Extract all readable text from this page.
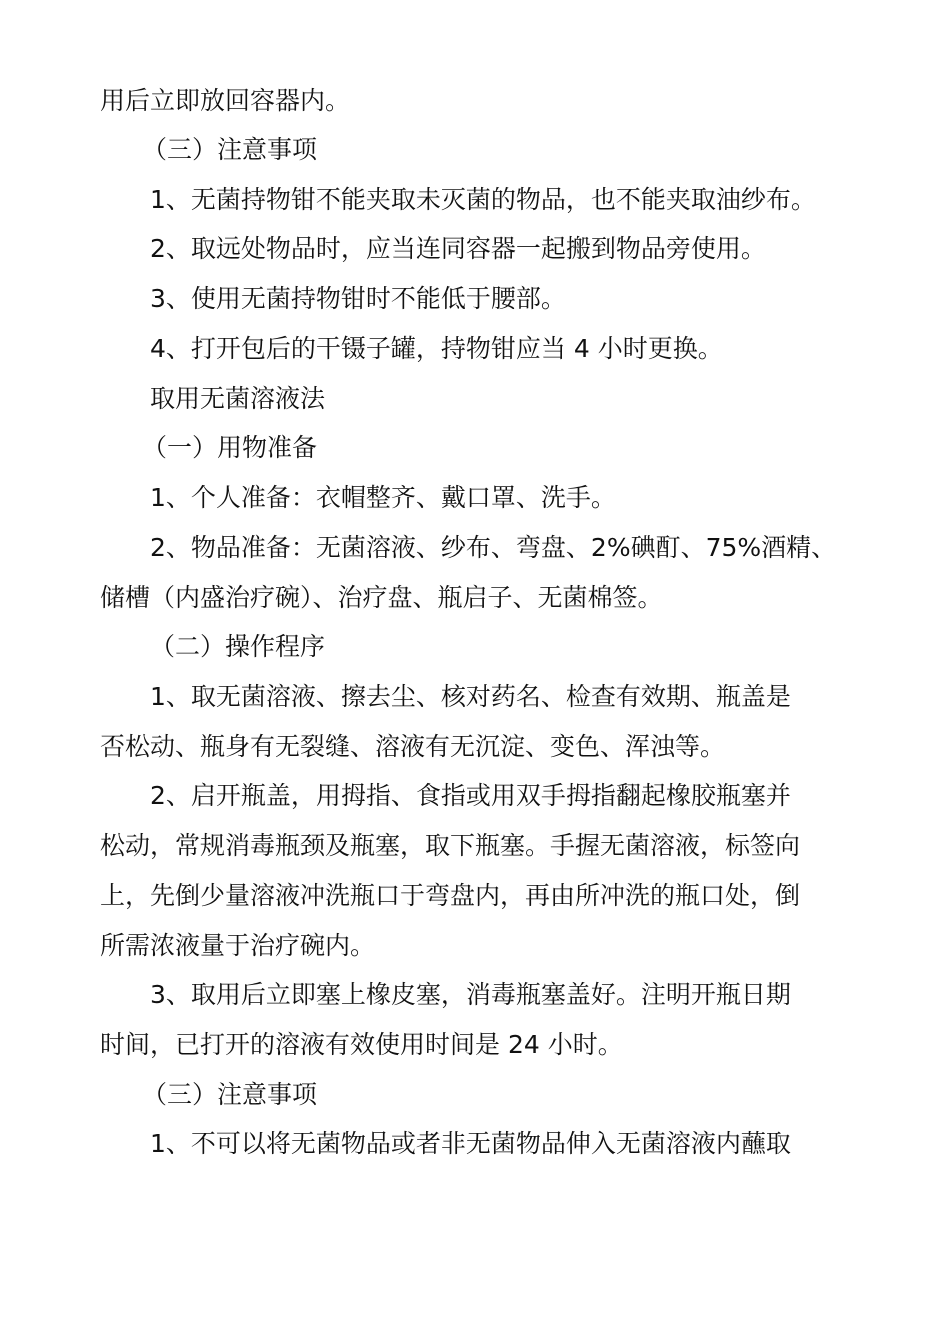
用后立即放回容器内。
（三）注意事项
1、无菌持物钳不能夹取未灭菌的物品，也不能夹取油纱布。
2、取远处物品时，应当连同容器一起搬到物品旁使用。
3、使用无菌持物钳时不能低于腰部。
4、打开包后的干镊子罐，持物钳应当 4 小时更换。
取用无菌溶液法
（一）用物准备
1、个人准备：衣帽整齐、戴口罩、洗手。
2、物品准备：无菌溶液、纱布、弯盘、2%碘酊、75%酒精、
储槽（内盛治疗碗）、治疗盘、瓶启子、无菌棉签。
（二）操作程序
1、取无菌溶液、擦去尘、核对药名、检查有效期、瓶盖是
否松动、瓶身有无裂缝、溶液有无沉淀、变色、浑浊等。
2、启开瓶盖，用拇指、食指或用双手拇指翻起橡胶瓶塞并
松动，常规消毒瓶颈及瓶塞，取下瓶塞。手握无菌溶液，标签向
上，先倒少量溶液冲洗瓶口于弯盘内，再由所冲洗的瓶口处，倒
所需浓液量于治疗碗内。
3、取用后立即塞上橡皮塞，消毒瓶塞盖好。注明开瓶日期
时间，已打开的溶液有效使用时间是 24 小时。
（三）注意事项
1、不可以将无菌物品或者非无菌物品伸入无菌溶液内蘸取
